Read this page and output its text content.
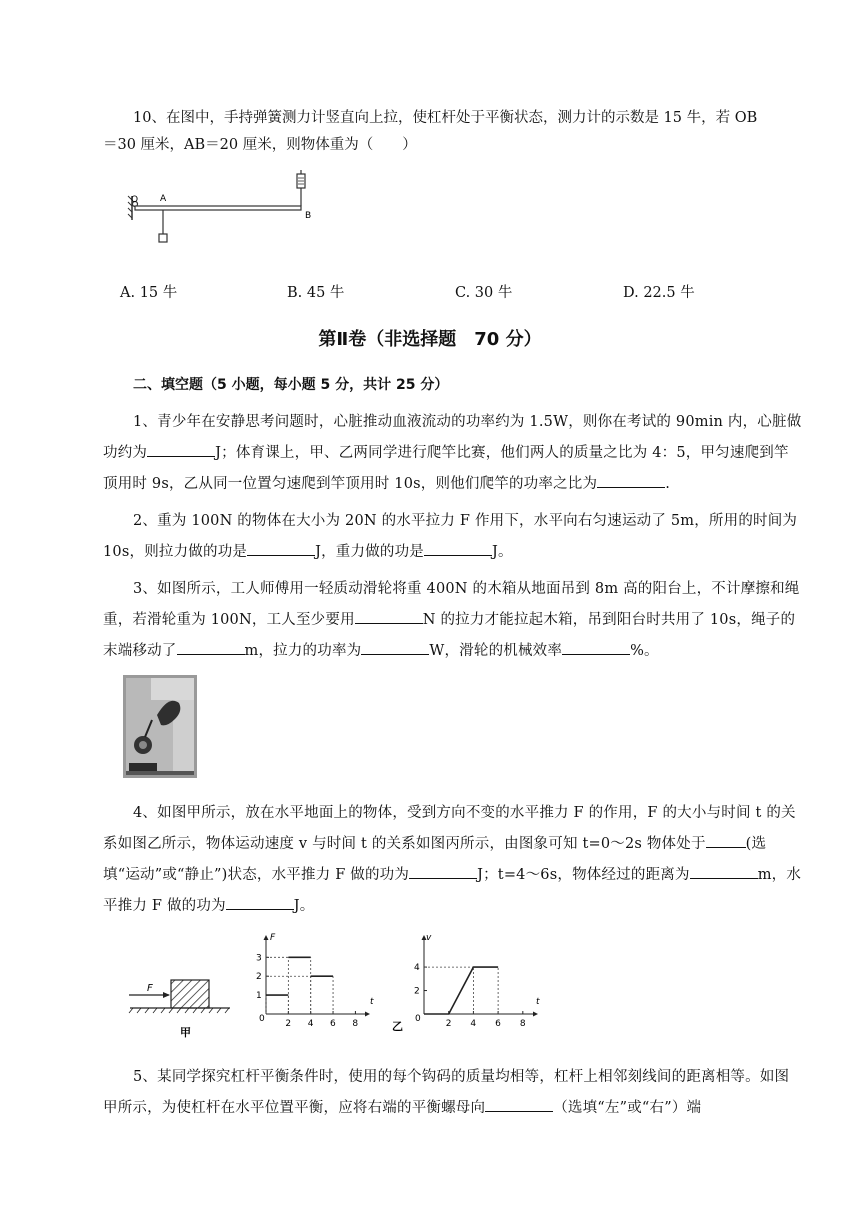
10、在图中，手持弹簧测力计竖直向上拉，使杠杆处于平衡状态，测力计的示数是 15 牛，若 OB
＝30 厘米，AB＝20 厘米，则物体重为（　　）
O A
B
A. 15 牛	B. 45 牛	C. 30 牛	D. 22.5 牛
第Ⅱ卷（非选择题　70 分）
二、填空题（5 小题，每小题 5 分，共计 25 分）
1、青少年在安静思考问题时，心脏推动血液流动的功率约为 1.5W，则你在考试的 90min 内，心脏做功约为	J；体育课上，甲、乙两同学进行爬竿比赛，他们两人的质量之比为 4：5，甲匀速爬到竿顶用时 9s，乙从同一位置匀速爬到竿顶用时 10s，则他们爬竿的功率之比为	.
2、重为 100N 的物体在大小为 20N 的水平拉力 F 作用下，水平向右匀速运动了 5m，所用的时间为 10s，则拉力做的功是	J，重力做的功是	J。
3、如图所示，工人师傅用一轻质动滑轮将重 400N 的木箱从地面吊到 8m 高的阳台上，不计摩擦和绳重，若滑轮重为 100N，工人至少要用	N 的拉力才能拉起木箱，吊到阳台时共用了 10s，绳子的末端移动了	m，拉力的功率为	W，滑轮的机械效率	%。
4、如图甲所示，放在水平地面上的物体，受到方向不变的水平推力 F 的作用，F 的大小与时间 t 的关系如图乙所示，物体运动速度 v 与时间 t 的关系如图丙所示，由图象可知 t=0～2s 物体处于	(选填“运动”或“静止”)状态，水平推力 F 做的功为	J；t=4～6s，物体经过的距离为	m，水平推力 F 做的功为	J。
F
甲
2 4 6 8
1
2
3
F
t
0
乙	2 4 6 8
2
4
v
t
0
5、某同学探究杠杆平衡条件时，使用的每个钩码的质量均相等，杠杆上相邻刻线间的距离相等。如图甲所示，为使杠杆在水平位置平衡，应将右端的平衡螺母向	（选填“左”或“右”）端
